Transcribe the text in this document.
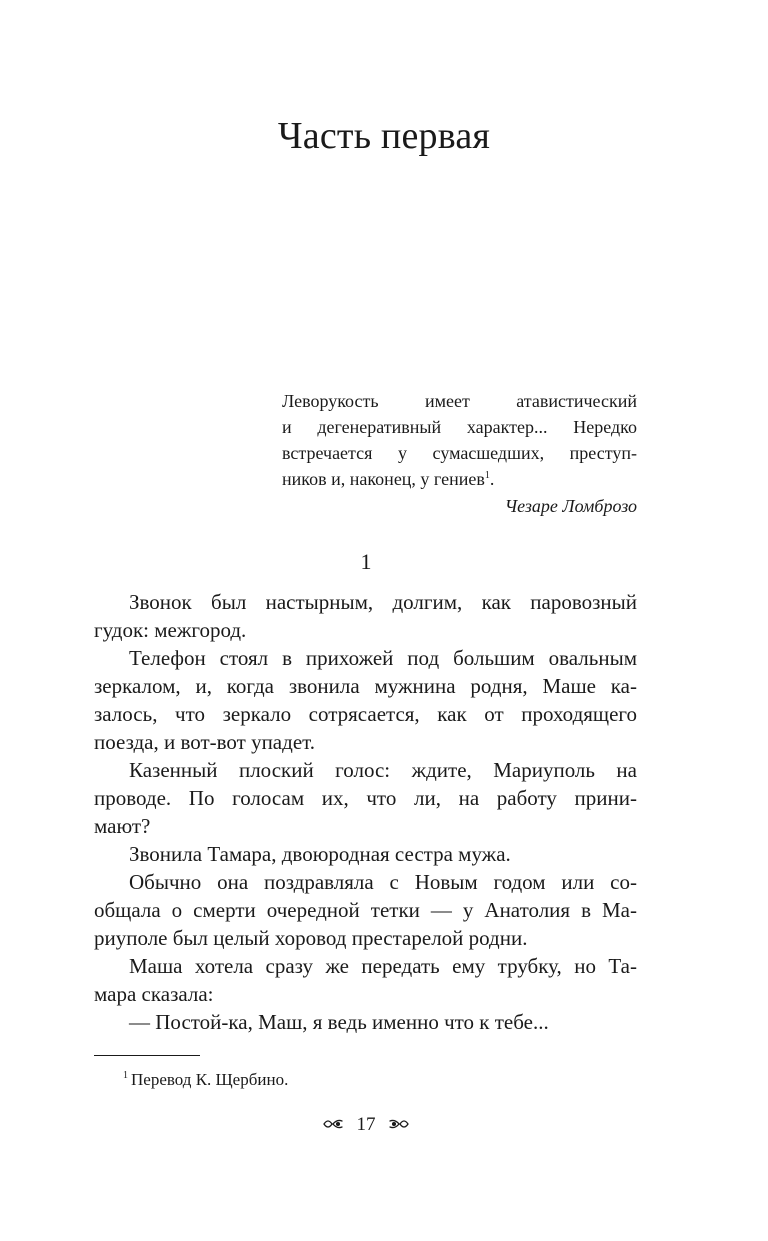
Часть первая
Леворукость имеет атавистический
и дегенеративный характер... Нередко
встречается у сумасшедших, преступ-
ников и, наконец, у гениев$^1$.
Чезаре Ломброзо
1
Звонок был настырным, долгим, как паровозный
гудок: межгород.
Телефон стоял в прихожей под большим овальным
зеркалом, и, когда звонила мужнина родня, Маше ка-
залось, что зеркало сотрясается, как от проходящего
поезда, и вот-вот упадет.
Казенный плоский голос: ждите, Мариуполь на
проводе. По голосам их, что ли, на работу прини-
мают?
Звонила Тамара, двоюродная сестра мужа.
Обычно она поздравляла с Новым годом или со-
общала о смерти очередной тетки — у Анатолия в Ма-
риуполе был целый хоровод престарелой родни.
Маша хотела сразу же передать ему трубку, но Та-
мара сказала:
— Постой-ка, Маш, я ведь именно что к тебе...
$^1$ Перевод К. Щербино.
17
